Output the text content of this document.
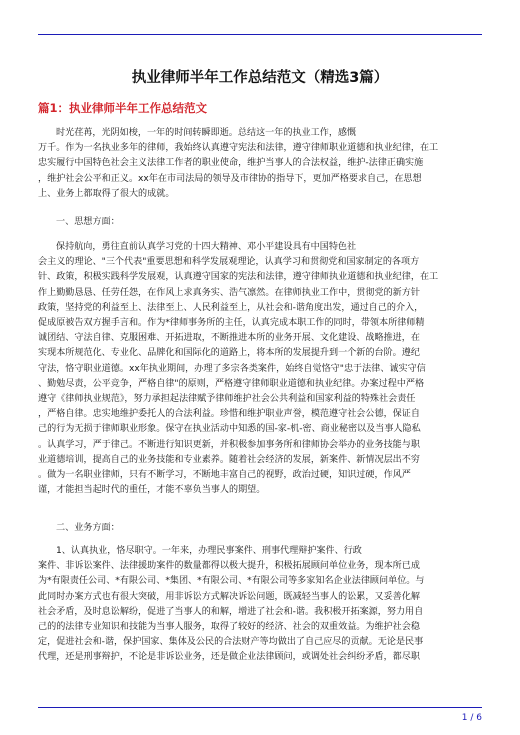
执业律师半年工作总结范文（精选3篇）
篇1：执业律师半年工作总结范文

时光荏苒，光阴如梭，一年的时间转瞬即逝。总结这一年的执业工作，感慨

万千。作为一名执业多年的律师，我始终认真遵守宪法和法律，遵守律师职业道德和执业纪律，在工

忠实履行中国特色社会主义法律工作者的职业使命，维护当事人的合法权益，维护-法律正确实施

，维护社会公平和正义。xx年在市司法局的领导及市律协的指导下，更加严格要求自己，在思想

上、业务上都取得了很大的成就。

一、思想方面：

保持航向，勇往直前认真学习党的十四大精神、邓小平建设具有中国特色社

会主义的理论、"三个代表"重要思想和科学发展观理论，认真学习和贯彻党和国家制定的各项方

针、政策，积极实践科学发展观，认真遵守国家的宪法和法律，遵守律师执业道德和执业纪律，在工

作上勤勤恳恳、任劳任怨，在作风上求真务实、浩气凛然。在律师执业工作中，贯彻党的新方针

政策，坚持党的利益至上、法律至上、人民利益至上，从社会和-谐角度出发，通过自己的介入，

促成原被告双方握手言和。作为*律师事务所的主任，认真完成本职工作的同时，带领本所律师精

诚团结、守法自律、克服困难、开拓进取，不断推进本所的业务开展、文化建设、战略推进，在

实现本所规范化、专业化、品牌化和国际化的道路上，将本所的发展提升到一个新的台阶。遵纪

守法，恪守职业道德。xx年执业期间，办理了多宗各类案件，始终自觉恪守"忠于法律、诚实守信

、勤勉尽责，公平竞争，严格自律"的原则，严格遵守律师职业道德和执业纪律。办案过程中严格

遵守《律师执业规范》，努力承担起法律赋予律师维护社会公共利益和国家利益的特殊社会责任

，严格自律。忠实地维护委托人的合法利益。珍惜和维护职业声誉，模范遵守社会公德，保证自

己的行为无损于律师职业形象。保守在执业活动中知悉的国-家-机-密、商业秘密以及当事人隐私

。认真学习，严于律己。不断进行知识更新，并积极参加事务所和律师协会举办的业务技能与职

业道德培训，提高自己的业务技能和专业素养。随着社会经济的发展，新案件、新情况层出不穷

。做为一名职业律师，只有不断学习，不断地丰富自己的视野，政治过硬，知识过硬，作风严

谨，才能担当起时代的重任，才能不辜负当事人的期望。

二、业务方面：

1、认真执业，恪尽职守。一年来，办理民事案件、刑事代理辩护案件、行政

案件、非诉讼案件、法律援助案件的数量都得以极大提升，积极拓展顾问单位业务，现本所已成

为*有限责任公司、*有限公司、*集团、*有限公司、*有限公司等多家知名企业法律顾问单位。与

此同时办案方式也有很大突破，用非诉讼方式解决诉讼问题，既减轻当事人的讼累，又妥善化解

社会矛盾，及时息讼解纷，促进了当事人的和解，增进了社会和-谐。我积极开拓案源，努力用自

己的的法律专业知识和技能为当事人服务，取得了较好的经济、社会的双重效益。为维护社会稳

定，促进社会和-谐，保护国家、集体及公民的合法财产等均做出了自己应尽的贡献。无论是民事

代理，还是刑事辩护，不论是非诉讼业务，还是做企业法律顾问，或调处社会纠纷矛盾，都尽职

1 / 6
